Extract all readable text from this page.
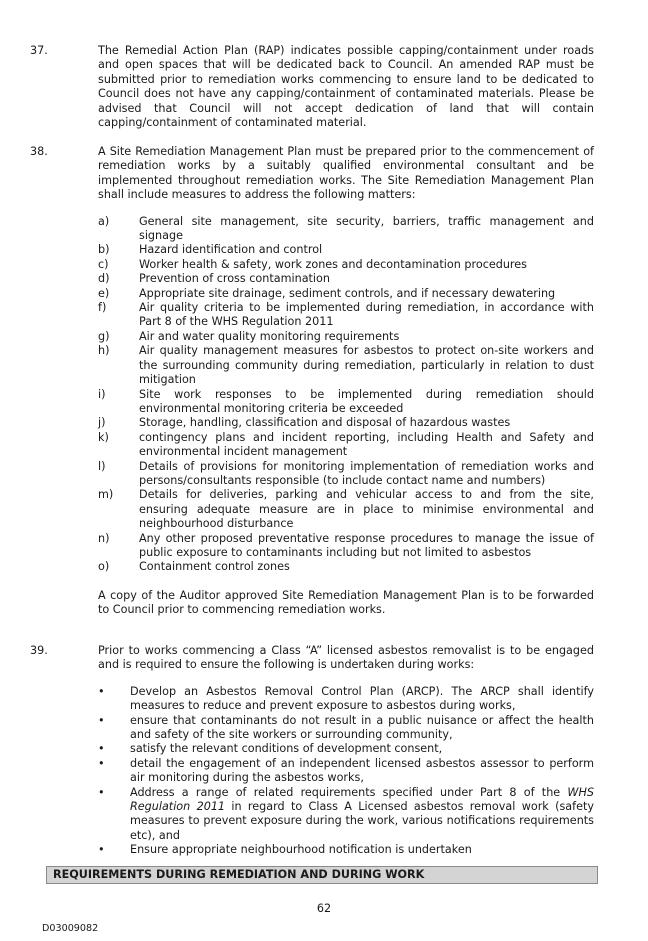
37.	The Remedial Action Plan (RAP) indicates possible capping/containment under roads and open spaces that will be dedicated back to Council. An amended RAP must be submitted prior to remediation works commencing to ensure land to be dedicated to Council does not have any capping/containment of contaminated materials. Please be advised that Council will not accept dedication of land that will contain capping/containment of contaminated material.
38.	A Site Remediation Management Plan must be prepared prior to the commencement of remediation works by a suitably qualified environmental consultant and be implemented throughout remediation works. The Site Remediation Management Plan shall include measures to address the following matters:
a)	General site management, site security, barriers, traffic management and signage
b)	Hazard identification and control
c)	Worker health & safety, work zones and decontamination procedures
d)	Prevention of cross contamination
e)	Appropriate site drainage, sediment controls, and if necessary dewatering
f)	Air quality criteria to be implemented during remediation, in accordance with Part 8 of the WHS Regulation 2011
g)	Air and water quality monitoring requirements
h)	Air quality management measures for asbestos to protect on-site workers and the surrounding community during remediation, particularly in relation to dust mitigation
i)	Site work responses to be implemented during remediation should environmental monitoring criteria be exceeded
j)	Storage, handling, classification and disposal of hazardous wastes
k)	contingency plans and incident reporting, including Health and Safety and environmental incident management
l)	Details of provisions for monitoring implementation of remediation works and persons/consultants responsible (to include contact name and numbers)
m) Details for deliveries, parking and vehicular access to and from the site, ensuring adequate measure are in place to minimise environmental and neighbourhood disturbance
n)	Any other proposed preventative response procedures to manage the issue of public exposure to contaminants including but not limited to asbestos
o)	Containment control zones
A copy of the Auditor approved Site Remediation Management Plan is to be forwarded to Council prior to commencing remediation works.
39.	Prior to works commencing a Class “A” licensed asbestos removalist is to be engaged and is required to ensure the following is undertaken during works:
• Develop an Asbestos Removal Control Plan (ARCP). The ARCP shall identify measures to reduce and prevent exposure to asbestos during works,
• ensure that contaminants do not result in a public nuisance or affect the health and safety of the site workers or surrounding community,
• satisfy the relevant conditions of development consent,
• detail the engagement of an independent licensed asbestos assessor to perform air monitoring during the asbestos works,
• Address a range of related requirements specified under Part 8 of the WHS Regulation 2011 in regard to Class A Licensed asbestos removal work (safety measures to prevent exposure during the work, various notifications requirements etc), and
• Ensure appropriate neighbourhood notification is undertaken
REQUIREMENTS DURING REMEDIATION AND DURING WORK
62
D03009082
